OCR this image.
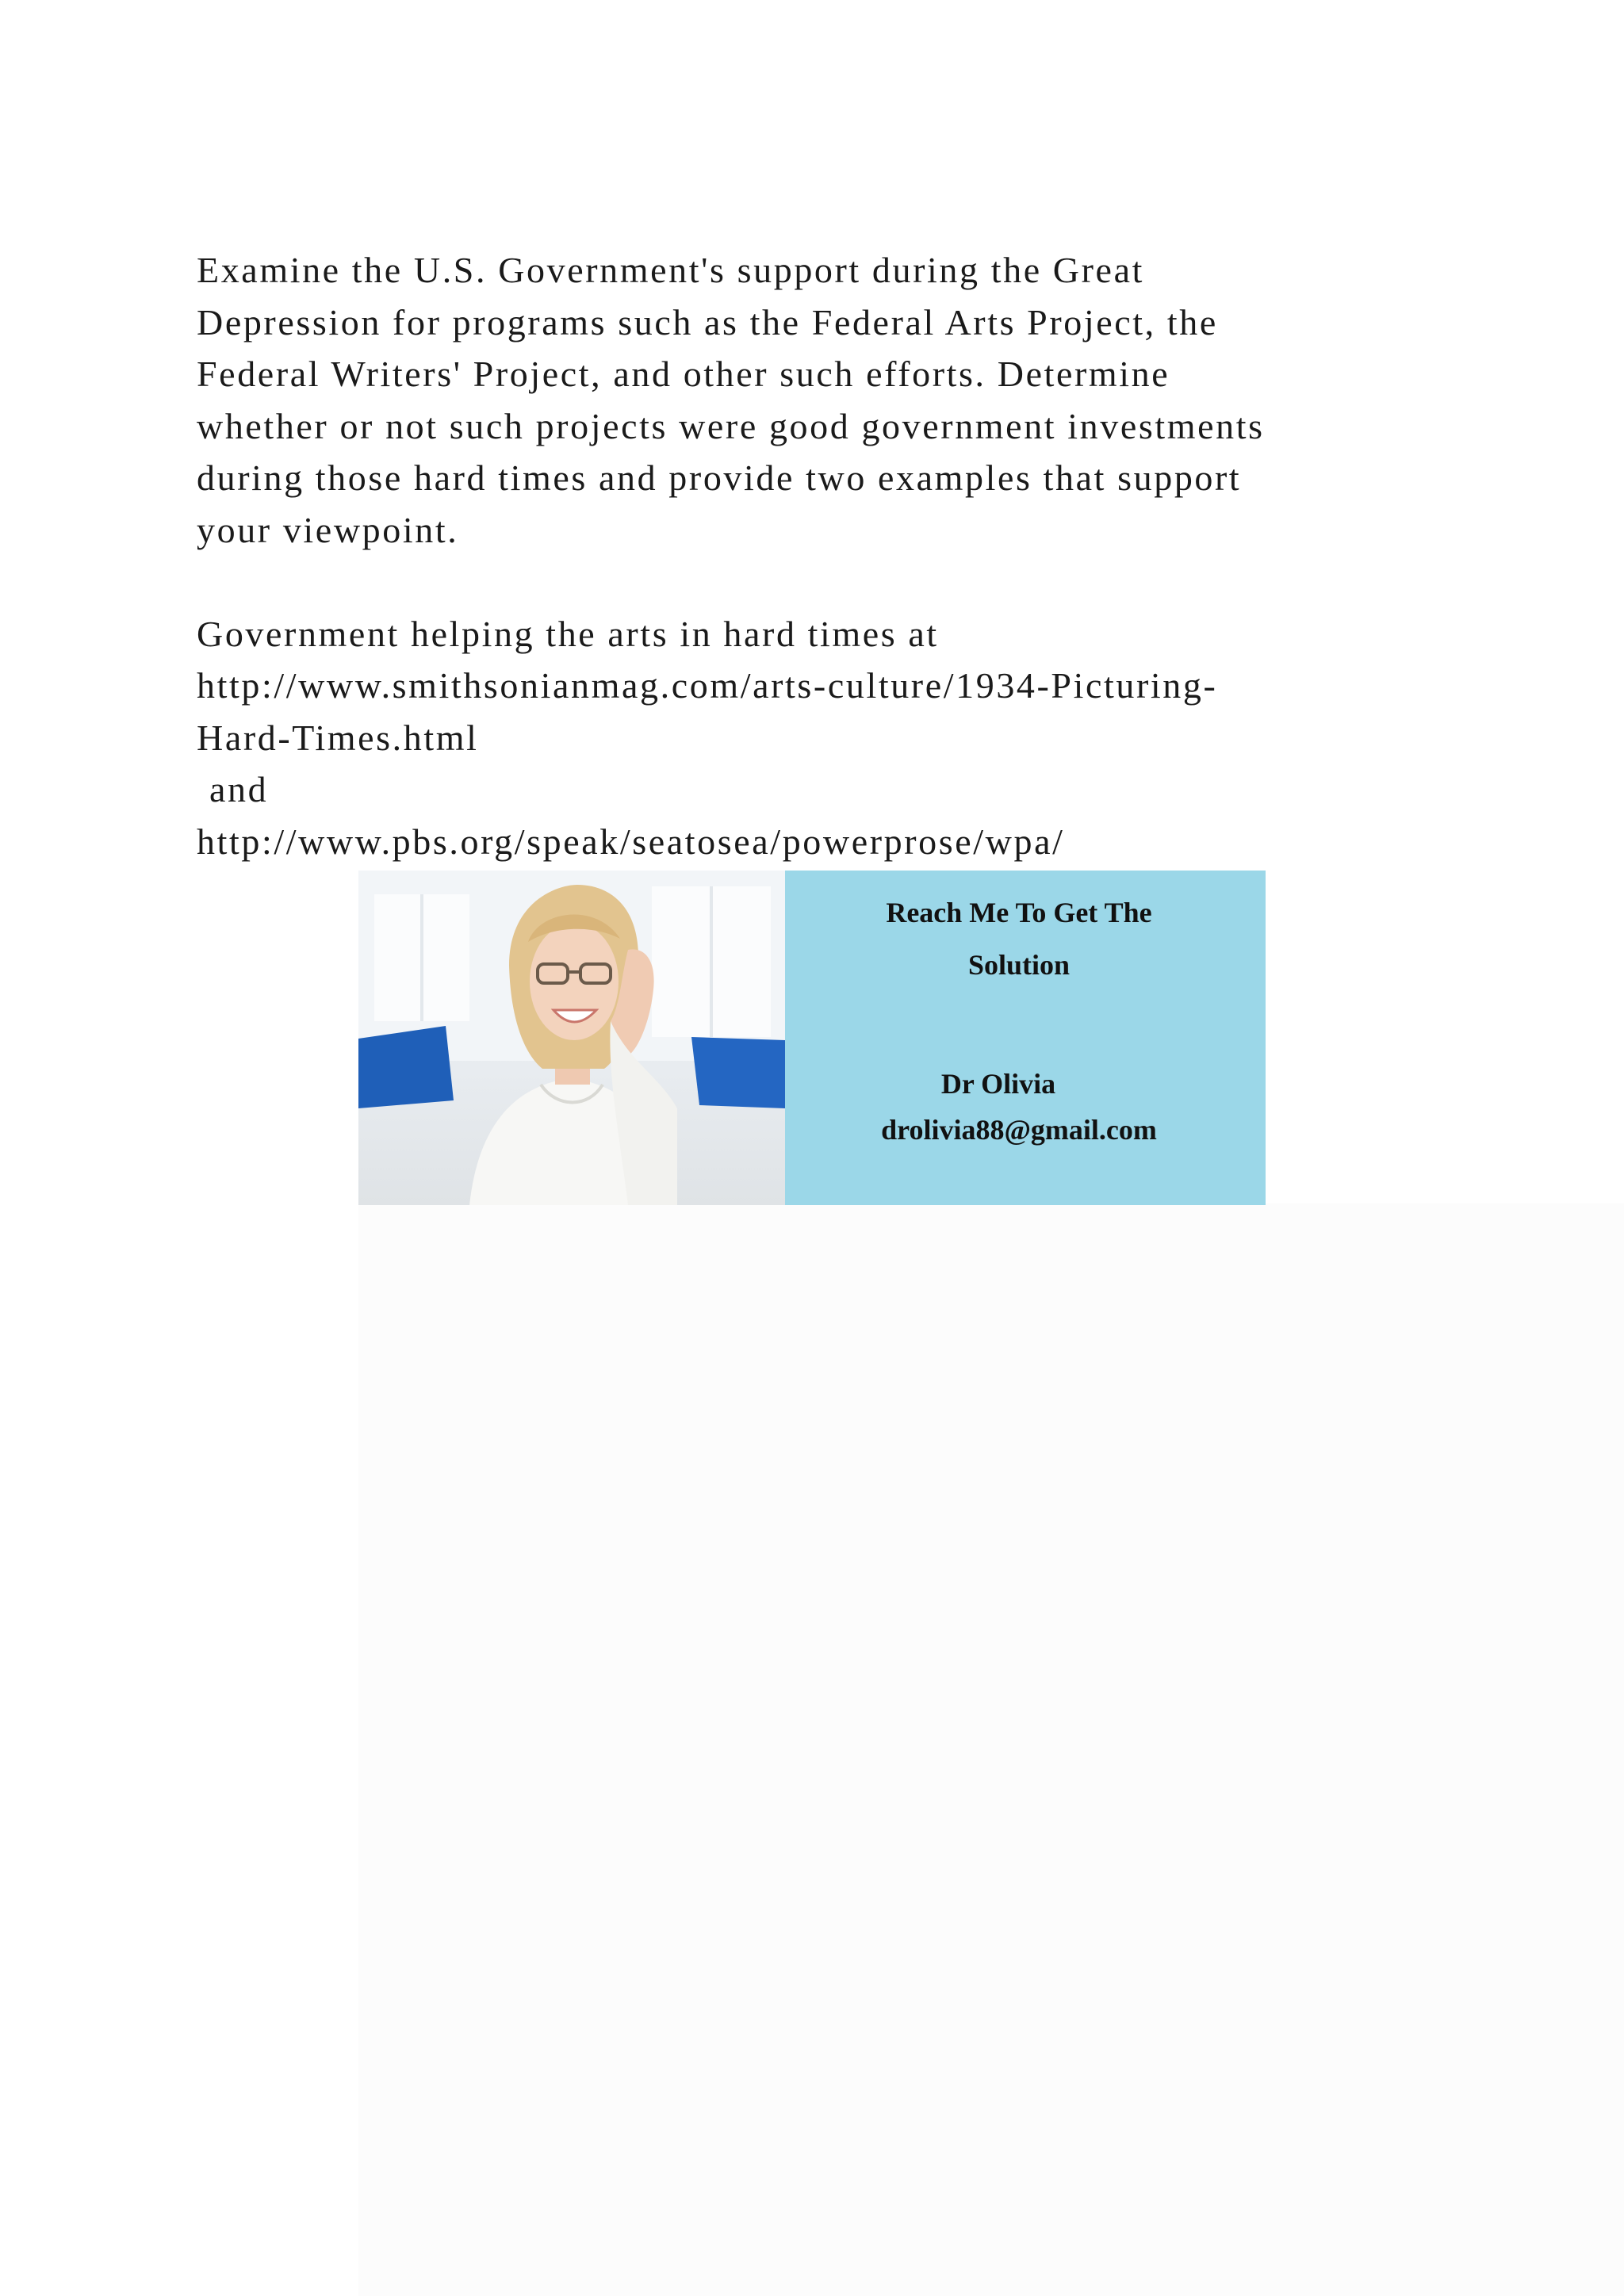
Examine the U.S. Government's support during the Great
Depression for programs such as the Federal Arts Project, the
Federal Writers' Project, and other such efforts. Determine
whether or not such projects were good government investments
during those hard times and provide two examples that support
your viewpoint.

Government helping the arts in hard times at

http://www.smithsonianmag.com/arts-culture/1934-Picturing-
Hard-Times.html

and

http://www.pbs.org/speak/seatosea/powerprose/wpa/

Reach Me To Get The
Solution
Dr Olivia
drolivia88@gmail.com
